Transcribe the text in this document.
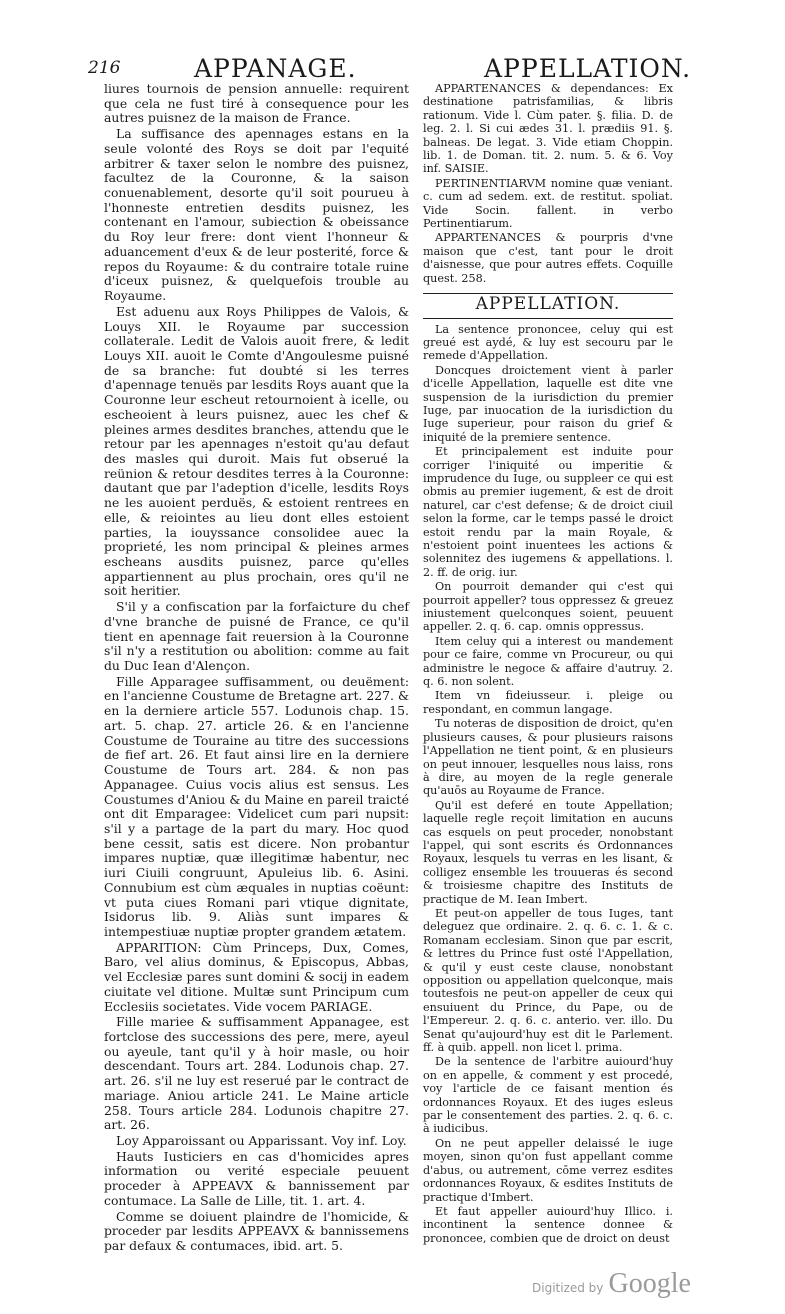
216	APPANAGE.	APPELLATION.

liures tournois de pension annuelle: requirent que cela ne fust tiré à consequence pour les autres puisnez de la maison de France.

La suffisance des apennages estans en la seule volonté des Roys se doit par l'equité arbitrer & taxer selon le nombre des puisnez, facultez de la Couronne, & la saison conuenablement, desorte qu'il soit pourueu à l'honneste entretien desdits puisnez, les contenant en l'amour, subiection & obeissance du Roy leur frere: dont vient l'honneur & aduancement d'eux & de leur posterité, force & repos du Royaume: & du contraire totale ruine d'iceux puisnez, & quelquefois trouble au Royaume.

Est aduenu aux Roys Philippes de Valois, & Louys XII. le Royaume par succession collaterale. Ledit de Valois auoit frere, & ledit Louys XII. auoit le Comte d'Angoulesme puisné de sa branche: fut doubté si les terres d'apennage tenuës par lesdits Roys auant que la Couronne leur escheut retournoient à icelle, ou escheoient à leurs puisnez, auec les chef & pleines armes desdites branches, attendu que le retour par les apennages n'estoit qu'au defaut des masles qui duroit. Mais fut obserué la reünion & retour desdites terres à la Couronne: dautant que par l'adeption d'icelle, lesdits Roys ne les auoient perduës, & estoient rentrees en elle, & reiointes au lieu dont elles estoient parties, la iouyssance consolidee auec la proprieté, les nom principal & pleines armes escheans ausdits puisnez, parce qu'elles appartiennent au plus prochain, ores qu'il ne soit heritier.

S'il y a confiscation par la forfaicture du chef d'vne branche de puisné de France, ce qu'il tient en apennage fait reuersion à la Couronne s'il n'y a restitution ou abolition: comme au fait du Duc Iean d'Alençon.

Fille Apparagee suffisamment, ou deuëment: en l'ancienne Coustume de Bretagne art. 227. & en la derniere article 557. Lodunois chap. 15. art. 5. chap. 27. article 26. & en l'ancienne Coustume de Touraine au titre des successions de fief art. 26. Et faut ainsi lire en la derniere Coustume de Tours art. 284. & non pas Appanagee. Cuius vocis alius est sensus. Les Coustumes d'Aniou & du Maine en pareil traicté ont dit Emparagee: Videlicet cum pari nupsit: s'il y a partage de la part du mary. Hoc quod bene cessit, satis est dicere. Non probantur impares nuptiæ, quæ illegitimæ habentur, nec iuri Ciuili congruunt, Apuleius lib. 6. Asini. Connubium est cùm æquales in nuptias coëunt: vt puta ciues Romani pari vtique dignitate, Isidorus lib. 9. Aliàs sunt impares & intempestiuæ nuptiæ propter grandem ætatem.

APPARITION: Cùm Princeps, Dux, Comes, Baro, vel alius dominus, & Episcopus, Abbas, vel Ecclesiæ pares sunt domini & socij in eadem ciuitate vel ditione. Multæ sunt Principum cum Ecclesiis societates. Vide vocem PARIAGE.

Fille mariee & suffisamment Appanagee, est fortclose des successions des pere, mere, ayeul ou ayeule, tant qu'il y à hoir masle, ou hoir descendant. Tours art. 284. Lodunois chap. 27. art. 26. s'il ne luy est reserué par le contract de mariage. Aniou article 241. Le Maine article 258. Tours article 284. Lodunois chapitre 27. art. 26.

Loy Apparoissant ou Apparissant. Voy inf. Loy.

Hauts Iusticiers en cas d'homicides apres information ou verité especiale peuuent proceder à APPEAVX & bannissement par contumace. La Salle de Lille, tit. 1. art. 4.

Comme se doiuent plaindre de l'homicide, & proceder par lesdits APPEAVX & bannissemens par defaux & contumaces, ibid. art. 5.

APPARTENANCES & dependances: Ex destinatione patrisfamilias, & libris rationum. Vide l. Cùm pater. §. filia. D. de leg. 2. l. Si cui ædes 31. l. prædiis 91. §. balneas. De legat. 3. Vide etiam Choppin. lib. 1. de Doman. tit. 2. num. 5. & 6. Voy inf. SAISIE.

PERTINENTIARVM nomine quæ veniant. c. cum ad sedem. ext. de restitut. spoliat. Vide Socin. fallent. in verbo Pertinentiarum.

APPARTENANCES & pourpris d'vne maison que c'est, tant pour le droit d'aisnesse, que pour autres effets. Coquille quest. 258.

APPELLATION.

La sentence prononcee, celuy qui est greué est aydé, & luy est secouru par le remede d'Appellation.

Doncques droictement vient à parler d'icelle Appellation, laquelle est dite vne suspension de la iurisdiction du premier Iuge, par inuocation de la iurisdiction du Iuge superieur, pour raison du grief & iniquité de la premiere sentence.

Et principalement est induite pour corriger l'iniquité ou imperitie & imprudence du Iuge, ou suppleer ce qui est obmis au premier iugement, & est de droit naturel, car c'est defense; & de droict ciuil selon la forme, car le temps passé le droict estoit rendu par la main Royale, & n'estoient point inuentees les actions & solennitez des iugemens & appellations. l. 2. ff. de orig. iur.

On pourroit demander qui c'est qui pourroit appeller? tous oppressez & greuez iniustement quelconques soient, peuuent appeller. 2. q. 6. cap. omnis oppressus.

Item celuy qui a interest ou mandement pour ce faire, comme vn Procureur, ou qui administre le negoce & affaire d'autruy. 2. q. 6. non solent.

Item vn fideiusseur. i. pleige ou respondant, en commun langage.

Tu noteras de disposition de droict, qu'en plusieurs causes, & pour plusieurs raisons l'Appellation ne tient point, & en plusieurs on peut innouer, lesquelles nous laiss, rons à dire, au moyen de la regle generale qu'auōs au Royaume de France.

Qu'il est deferé en toute Appellation; laquelle regle reçoit limitation en aucuns cas esquels on peut proceder, nonobstant l'appel, qui sont escrits és Ordonnances Royaux, lesquels tu verras en les lisant, & colligez ensemble les trouueras és second & troisiesme chapitre des Instituts de practique de M. Iean Imbert.

Et peut-on appeller de tous Iuges, tant deleguez que ordinaire. 2. q. 6. c. 1. & c. Romanam ecclesiam. Sinon que par escrit, & lettres du Prince fust osté l'Appellation, & qu'il y eust ceste clause, nonobstant opposition ou appellation quelconque, mais toutesfois ne peut-on appeller de ceux qui ensuiuent du Prince, du Pape, ou de l'Empereur. 2. q. 6. c. anterio. ver. illo. Du Senat qu'aujourd'huy est dit le Parlement. ff. à quib. appell. non licet l. prima.

De la sentence de l'arbitre auiourd'huy on en appelle, & comment y est procedé, voy l'article de ce faisant mention és ordonnances Royaux. Et des iuges esleus par le consentement des parties. 2. q. 6. c. à iudicibus.

On ne peut appeller delaissé le iuge moyen, sinon qu'on fust appellant comme d'abus, ou autrement, cōme verrez esdites ordonnances Royaux, & esdites Instituts de practique d'Imbert.

Et faut appeller auiourd'huy Illico. i. incontinent la sentence donnee & prononcee, combien que de droict on deust

Digitized by Google
